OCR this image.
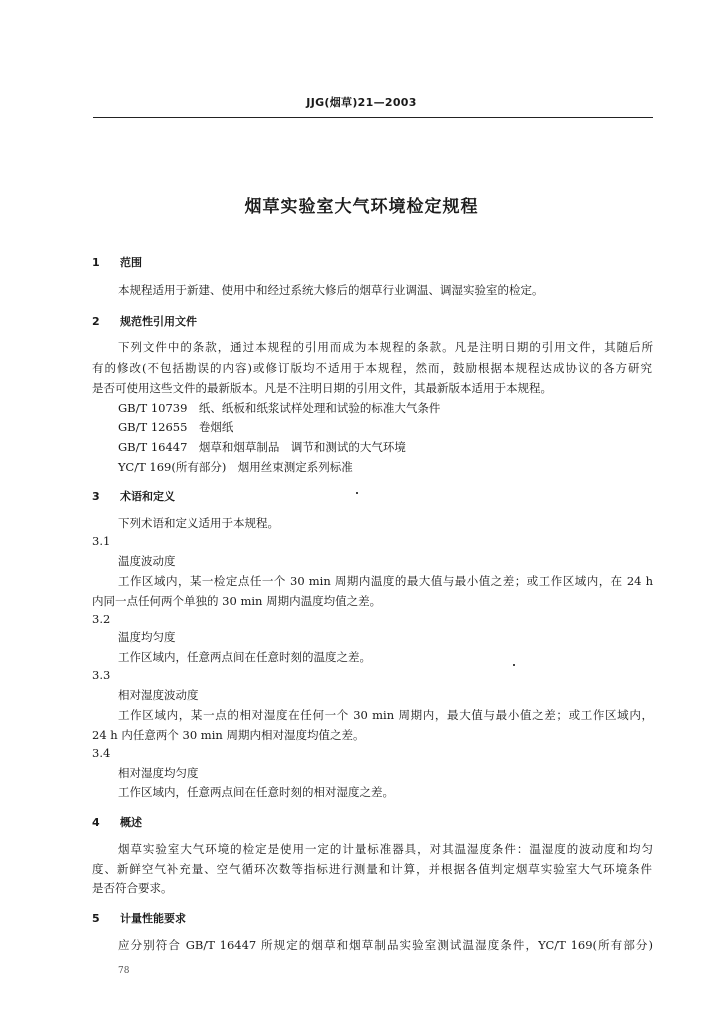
JJG(烟草)21—2003
烟草实验室大气环境检定规程
1 范围
本规程适用于新建、使用中和经过系统大修后的烟草行业调温、调湿实验室的检定。
2 规范性引用文件
下列文件中的条款，通过本规程的引用而成为本规程的条款。凡是注明日期的引用文件，其随后所
有的修改(不包括勘误的内容)或修订版均不适用于本规程，然而，鼓励根据本规程达成协议的各方研究
是否可使用这些文件的最新版本。凡是不注明日期的引用文件，其最新版本适用于本规程。
GB/T 10739　纸、纸板和纸浆试样处理和试验的标准大气条件
GB/T 12655　卷烟纸
GB/T 16447　烟草和烟草制品　调节和测试的大气环境
YC/T 169(所有部分)　烟用丝束测定系列标准
3 术语和定义
下列术语和定义适用于本规程。
3.1
温度波动度
工作区域内，某一检定点任一个 30 min 周期内温度的最大值与最小值之差；或工作区域内，在 24 h
内同一点任何两个单独的 30 min 周期内温度均值之差。
3.2
温度均匀度
工作区域内，任意两点间在任意时刻的温度之差。
3.3
相对湿度波动度
工作区域内，某一点的相对湿度在任何一个 30 min 周期内，最大值与最小值之差；或工作区域内，
24 h 内任意两个 30 min 周期内相对湿度均值之差。
3.4
相对湿度均匀度
工作区域内，任意两点间在任意时刻的相对湿度之差。
4 概述
烟草实验室大气环境的检定是使用一定的计量标准器具，对其温湿度条件：温湿度的波动度和均匀
度、新鲜空气补充量、空气循环次数等指标进行测量和计算，并根据各值判定烟草实验室大气环境条件
是否符合要求。
5 计量性能要求
应分别符合 GB/T 16447 所规定的烟草和烟草制品实验室测试温湿度条件，YC/T 169(所有部分)
78
